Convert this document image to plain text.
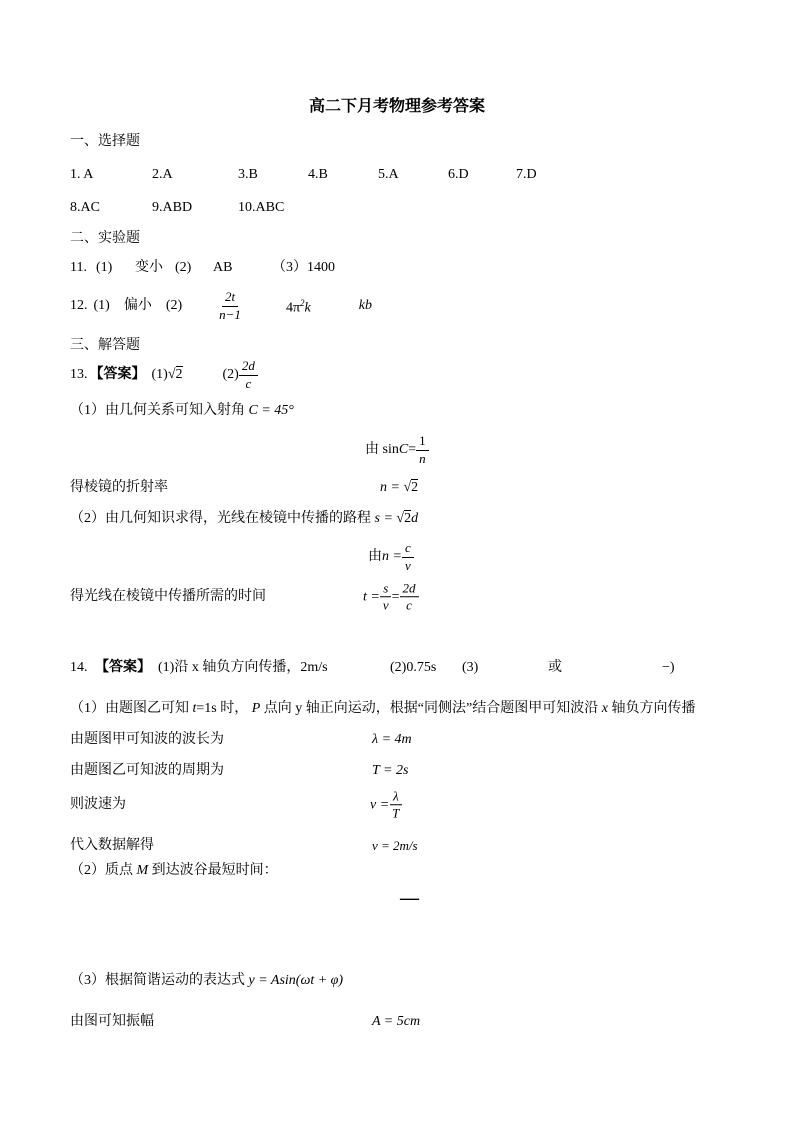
高二下月考物理参考答案
一、选择题
1. A	2.A	3.B	4.B	5.A	6.D	7.D
8.AC	9.ABD	10.ABC
二、实验题
11. (1) 变小 (2) AB	（3）1400
12. (1) 偏小 (2)	$\frac{2t}{n-1}$	$4\pi^2k$	kb
三、解答题
13. 【答案】 (1) √2	$(2) \frac{2d}{c}$
（1）由几何关系可知入射角 C = 45°
由 $\sin C = \frac{1}{n}$
得棱镜的折射率	n = √2
（2）由几何知识求得，光线在棱镜中传播的路程 s = √2d
由 $n = \frac{c}{v}$
得光线在棱镜中传播所需的时间	$t = \frac{s}{v} = \frac{2d}{c}$
14. 【答案】 (1)沿 x 轴负方向传播，2m/s	(2)0.75s (3)	或	−)
（1）由题图乙可知 t=1s 时， P 点向 y 轴正向运动，根据“同侧法”结合题图甲可知波沿 x 轴负方向传播
由题图甲可知波的波长为	λ = 4m
由题图乙可知波的周期为	T = 2s
则波速为	$v = \frac{\lambda}{T}$
代入数据解得	v = 2m/s
（2）质点 M 到达波谷最短时间：
—
（3）根据简谐运动的表达式 y = Asin(ωt + φ)
由图可知振幅	A = 5cm
